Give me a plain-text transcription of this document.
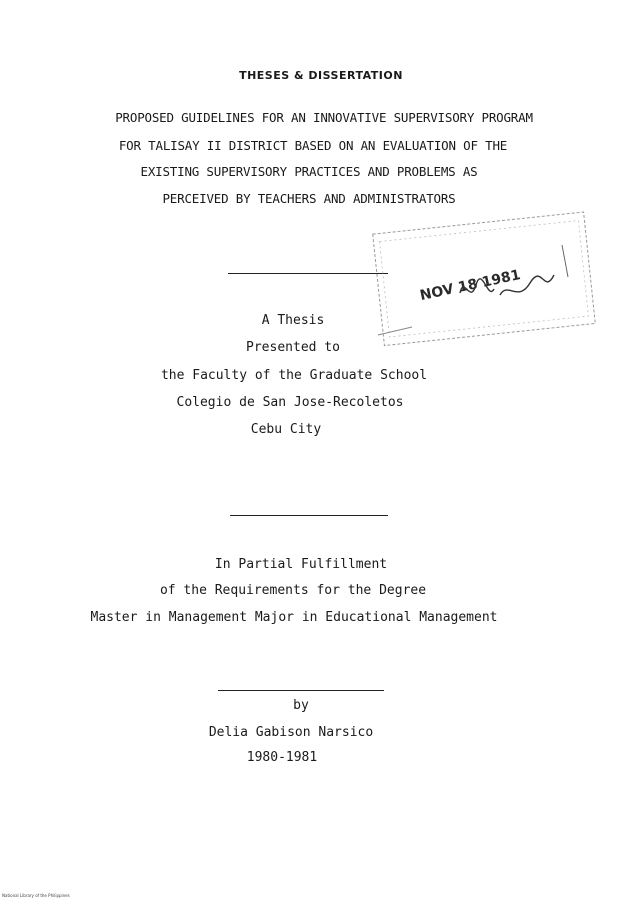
THESES & DISSERTATION
PROPOSED GUIDELINES FOR AN INNOVATIVE SUPERVISORY PROGRAM
FOR TALISAY II DISTRICT BASED ON AN EVALUATION OF THE
EXISTING SUPERVISORY PRACTICES AND PROBLEMS AS
PERCEIVED BY TEACHERS AND ADMINISTRATORS
NOV 18 1981
A Thesis
Presented to
the Faculty of the Graduate School
Colegio de San Jose-Recoletos
Cebu City
In Partial Fulfillment
of the Requirements for the Degree
Master in Management Major in Educational Management
by
Delia Gabison Narsico
1980-1981
National Library of the Philippines
